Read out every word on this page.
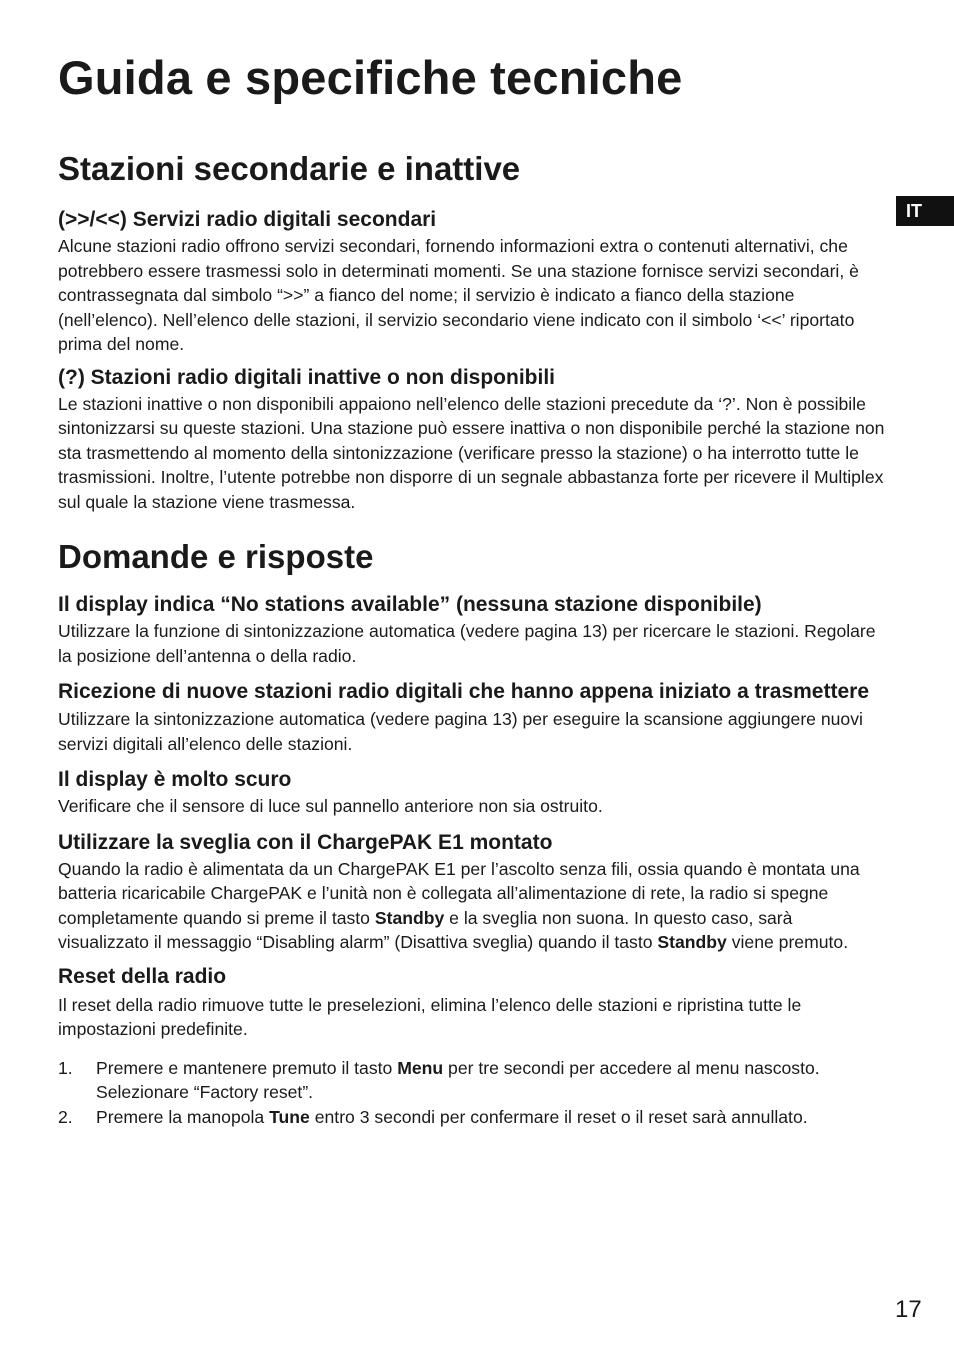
Guida e specifiche tecniche
Stazioni secondarie e inattive
(>>/<<) Servizi radio digitali secondari

Alcune stazioni radio offrono servizi secondari, fornendo informazioni extra o contenuti alternativi, che potrebbero essere trasmessi solo in determinati momenti. Se una stazione fornisce servizi secondari, è contrassegnata dal simbolo “>>” a fianco del nome; il servizio è indicato a fianco della stazione (nell’elenco). Nell’elenco delle stazioni, il servizio secondario viene indicato con il simbolo ‘<<’ riportato prima del nome.

(?) Stazioni radio digitali inattive o non disponibili

Le stazioni inattive o non disponibili appaiono nell’elenco delle stazioni precedute da ‘?’. Non è possibile sintonizzarsi su queste stazioni. Una stazione può essere inattiva o non disponibile perché la stazione non sta trasmettendo al momento della sintonizzazione (verificare presso la stazione) o ha interrotto tutte le trasmissioni. Inoltre, l’utente potrebbe non disporre di un segnale abbastanza forte per ricevere il Multiplex sul quale la stazione viene trasmessa.

Domande e risposte
Il display indica “No stations available” (nessuna stazione disponibile)

Utilizzare la funzione di sintonizzazione automatica (vedere pagina 13) per ricercare le stazioni. Regolare la posizione dell’antenna o della radio.

Ricezione di nuove stazioni radio digitali che hanno appena iniziato a trasmettere

Utilizzare la sintonizzazione automatica (vedere pagina 13) per eseguire la scansione aggiungere nuovi servizi digitali all’elenco delle stazioni.

Il display è molto scuro

Verificare che il sensore di luce sul pannello anteriore non sia ostruito.

Utilizzare la sveglia con il ChargePAK E1 montato

Quando la radio è alimentata da un ChargePAK E1 per l’ascolto senza fili, ossia quando è montata una batteria ricaricabile ChargePAK e l’unità non è collegata all’alimentazione di rete, la radio si spegne completamente quando si preme il tasto Standby e la sveglia non suona. In questo caso, sarà visualizzato il messaggio “Disabling alarm” (Disattiva sveglia) quando il tasto Standby viene premuto.

Reset della radio

Il reset della radio rimuove tutte le preselezioni, elimina l’elenco delle stazioni e ripristina tutte le impostazioni predefinite.

1. Premere e mantenere premuto il tasto Menu per tre secondi per accedere al menu nascosto. Selezionare “Factory reset”.
2. Premere la manopola Tune entro 3 secondi per confermare il reset o il reset sarà annullato.
IT
17
